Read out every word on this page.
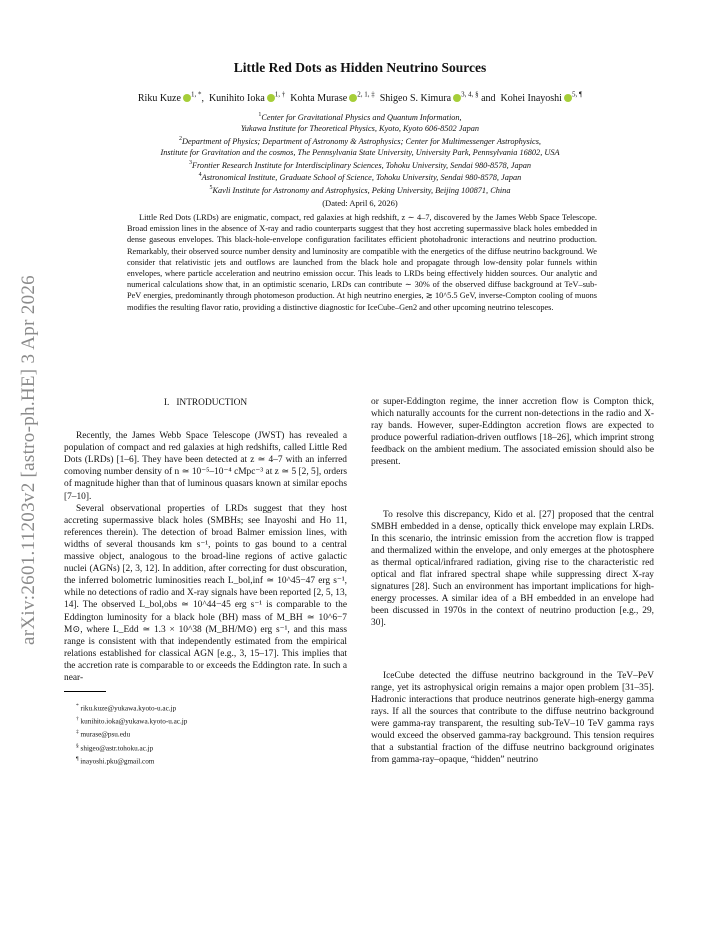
arXiv:2601.11203v2 [astro-ph.HE] 3 Apr 2026
Little Red Dots as Hidden Neutrino Sources
Riku Kuze $^{1, *}$,  Kunihito Ioka $^{1, \dagger}$ Kohta Murase $^{2, 1, \ddagger}$ Shigeo S. Kimura $^{3, 4, \S}$ and  Kohei Inayoshi $^{5, \P}$
$^1$Center for Gravitational Physics and Quantum Information,
Yukawa Institute for Theoretical Physics, Kyoto, Kyoto 606-8502 Japan
$^2$Department of Physics; Department of Astronomy & Astrophysics; Center for Multimessenger Astrophysics,
Institute for Gravitation and the cosmos, The Pennsylvania State University, University Park, Pennsylvania 16802, USA
$^3$Frontier Research Institute for Interdisciplinary Sciences, Tohoku University, Sendai 980-8578, Japan
$^4$Astronomical Institute, Graduate School of Science, Tohoku University, Sendai 980-8578, Japan
$^5$Kavli Institute for Astronomy and Astrophysics, Peking University, Beijing 100871, China
(Dated: April 6, 2026)
Little Red Dots (LRDs) are enigmatic, compact, red galaxies at high redshift, z ∼ 4–7, discovered by the James Webb Space Telescope. Broad emission lines in the absence of X-ray and radio counterparts suggest that they host accreting supermassive black holes embedded in dense gaseous envelopes. This black-hole-envelope configuration facilitates efficient photohadronic interactions and neutrino production. Remarkably, their observed source number density and luminosity are compatible with the energetics of the diffuse neutrino background. We consider that relativistic jets and outflows are launched from the black hole and propagate through low-density polar funnels within envelopes, where particle acceleration and neutrino emission occur. This leads to LRDs being effectively hidden sources. Our analytic and numerical calculations show that, in an optimistic scenario, LRDs can contribute ∼ 30% of the observed diffuse background at TeV–sub-PeV energies, predominantly through photomeson production. At high neutrino energies, ≳ 10^5.5 GeV, inverse-Compton cooling of muons modifies the resulting flavor ratio, providing a distinctive diagnostic for IceCube–Gen2 and other upcoming neutrino telescopes.
I. INTRODUCTION

Recently, the James Webb Space Telescope (JWST) has revealed a population of compact and red galaxies at high redshifts, called Little Red Dots (LRDs) [1–6]. They have been detected at z ≃ 4–7 with an inferred comoving number density of n ≃ 10⁻⁵–10⁻⁴ cMpc⁻³ at z ≃ 5 [2, 5], orders of magnitude higher than that of luminous quasars known at similar epochs [7–10].

Several observational properties of LRDs suggest that they host accreting supermassive black holes (SMBHs; see Inayoshi and Ho 11, references therein). The detection of broad Balmer emission lines, with widths of several thousands km s⁻¹, points to gas bound to a central massive object, analogous to the broad-line regions of active galactic nuclei (AGNs) [2, 3, 12]. In addition, after correcting for dust obscuration, the inferred bolometric luminosities reach L_bol,inf ≃ 10^45−47 erg s⁻¹, while no detections of radio and X-ray signals have been reported [2, 5, 13, 14]. The observed L_bol,obs ≃ 10^44−45 erg s⁻¹ is comparable to the Eddington luminosity for a black hole (BH) mass of M_BH ≃ 10^6−7 M⊙, where L_Edd ≃ 1.3 × 10^38 (M_BH/M⊙) erg s⁻¹, and this mass range is consistent with that independently estimated from the empirical relations established for classical AGN [e.g., 3, 15–17]. This implies that the accretion rate is comparable to or exceeds the Eddington rate. In such a near-

* riku.kuze@yukawa.kyoto-u.ac.jp
† kunihito.ioka@yukawa.kyoto-u.ac.jp
‡ murase@psu.edu
§ shigeo@astr.tohoku.ac.jp
¶ inayoshi.pku@gmail.com

or super-Eddington regime, the inner accretion flow is Compton thick, which naturally accounts for the current non-detections in the radio and X-ray bands. However, super-Eddington accretion flows are expected to produce powerful radiation-driven outflows [18–26], which imprint strong feedback on the ambient medium. The associated emission should also be present.

To resolve this discrepancy, Kido et al. [27] proposed that the central SMBH embedded in a dense, optically thick envelope may explain LRDs. In this scenario, the intrinsic emission from the accretion flow is trapped and thermalized within the envelope, and only emerges at the photosphere as thermal optical/infrared radiation, giving rise to the characteristic red optical and flat infrared spectral shape while suppressing direct X-ray signatures [28]. Such an environment has important implications for high-energy processes. A similar idea of a BH embedded in an envelope had been discussed in 1970s in the context of neutrino production [e.g., 29, 30].

IceCube detected the diffuse neutrino background in the TeV–PeV range, yet its astrophysical origin remains a major open problem [31–35]. Hadronic interactions that produce neutrinos generate high-energy gamma rays. If all the sources that contribute to the diffuse neutrino background were gamma-ray transparent, the resulting sub-TeV–10 TeV gamma rays would exceed the observed gamma-ray background. This tension requires that a substantial fraction of the diffuse neutrino background originates from gamma-ray–opaque, “hidden” neutrino
